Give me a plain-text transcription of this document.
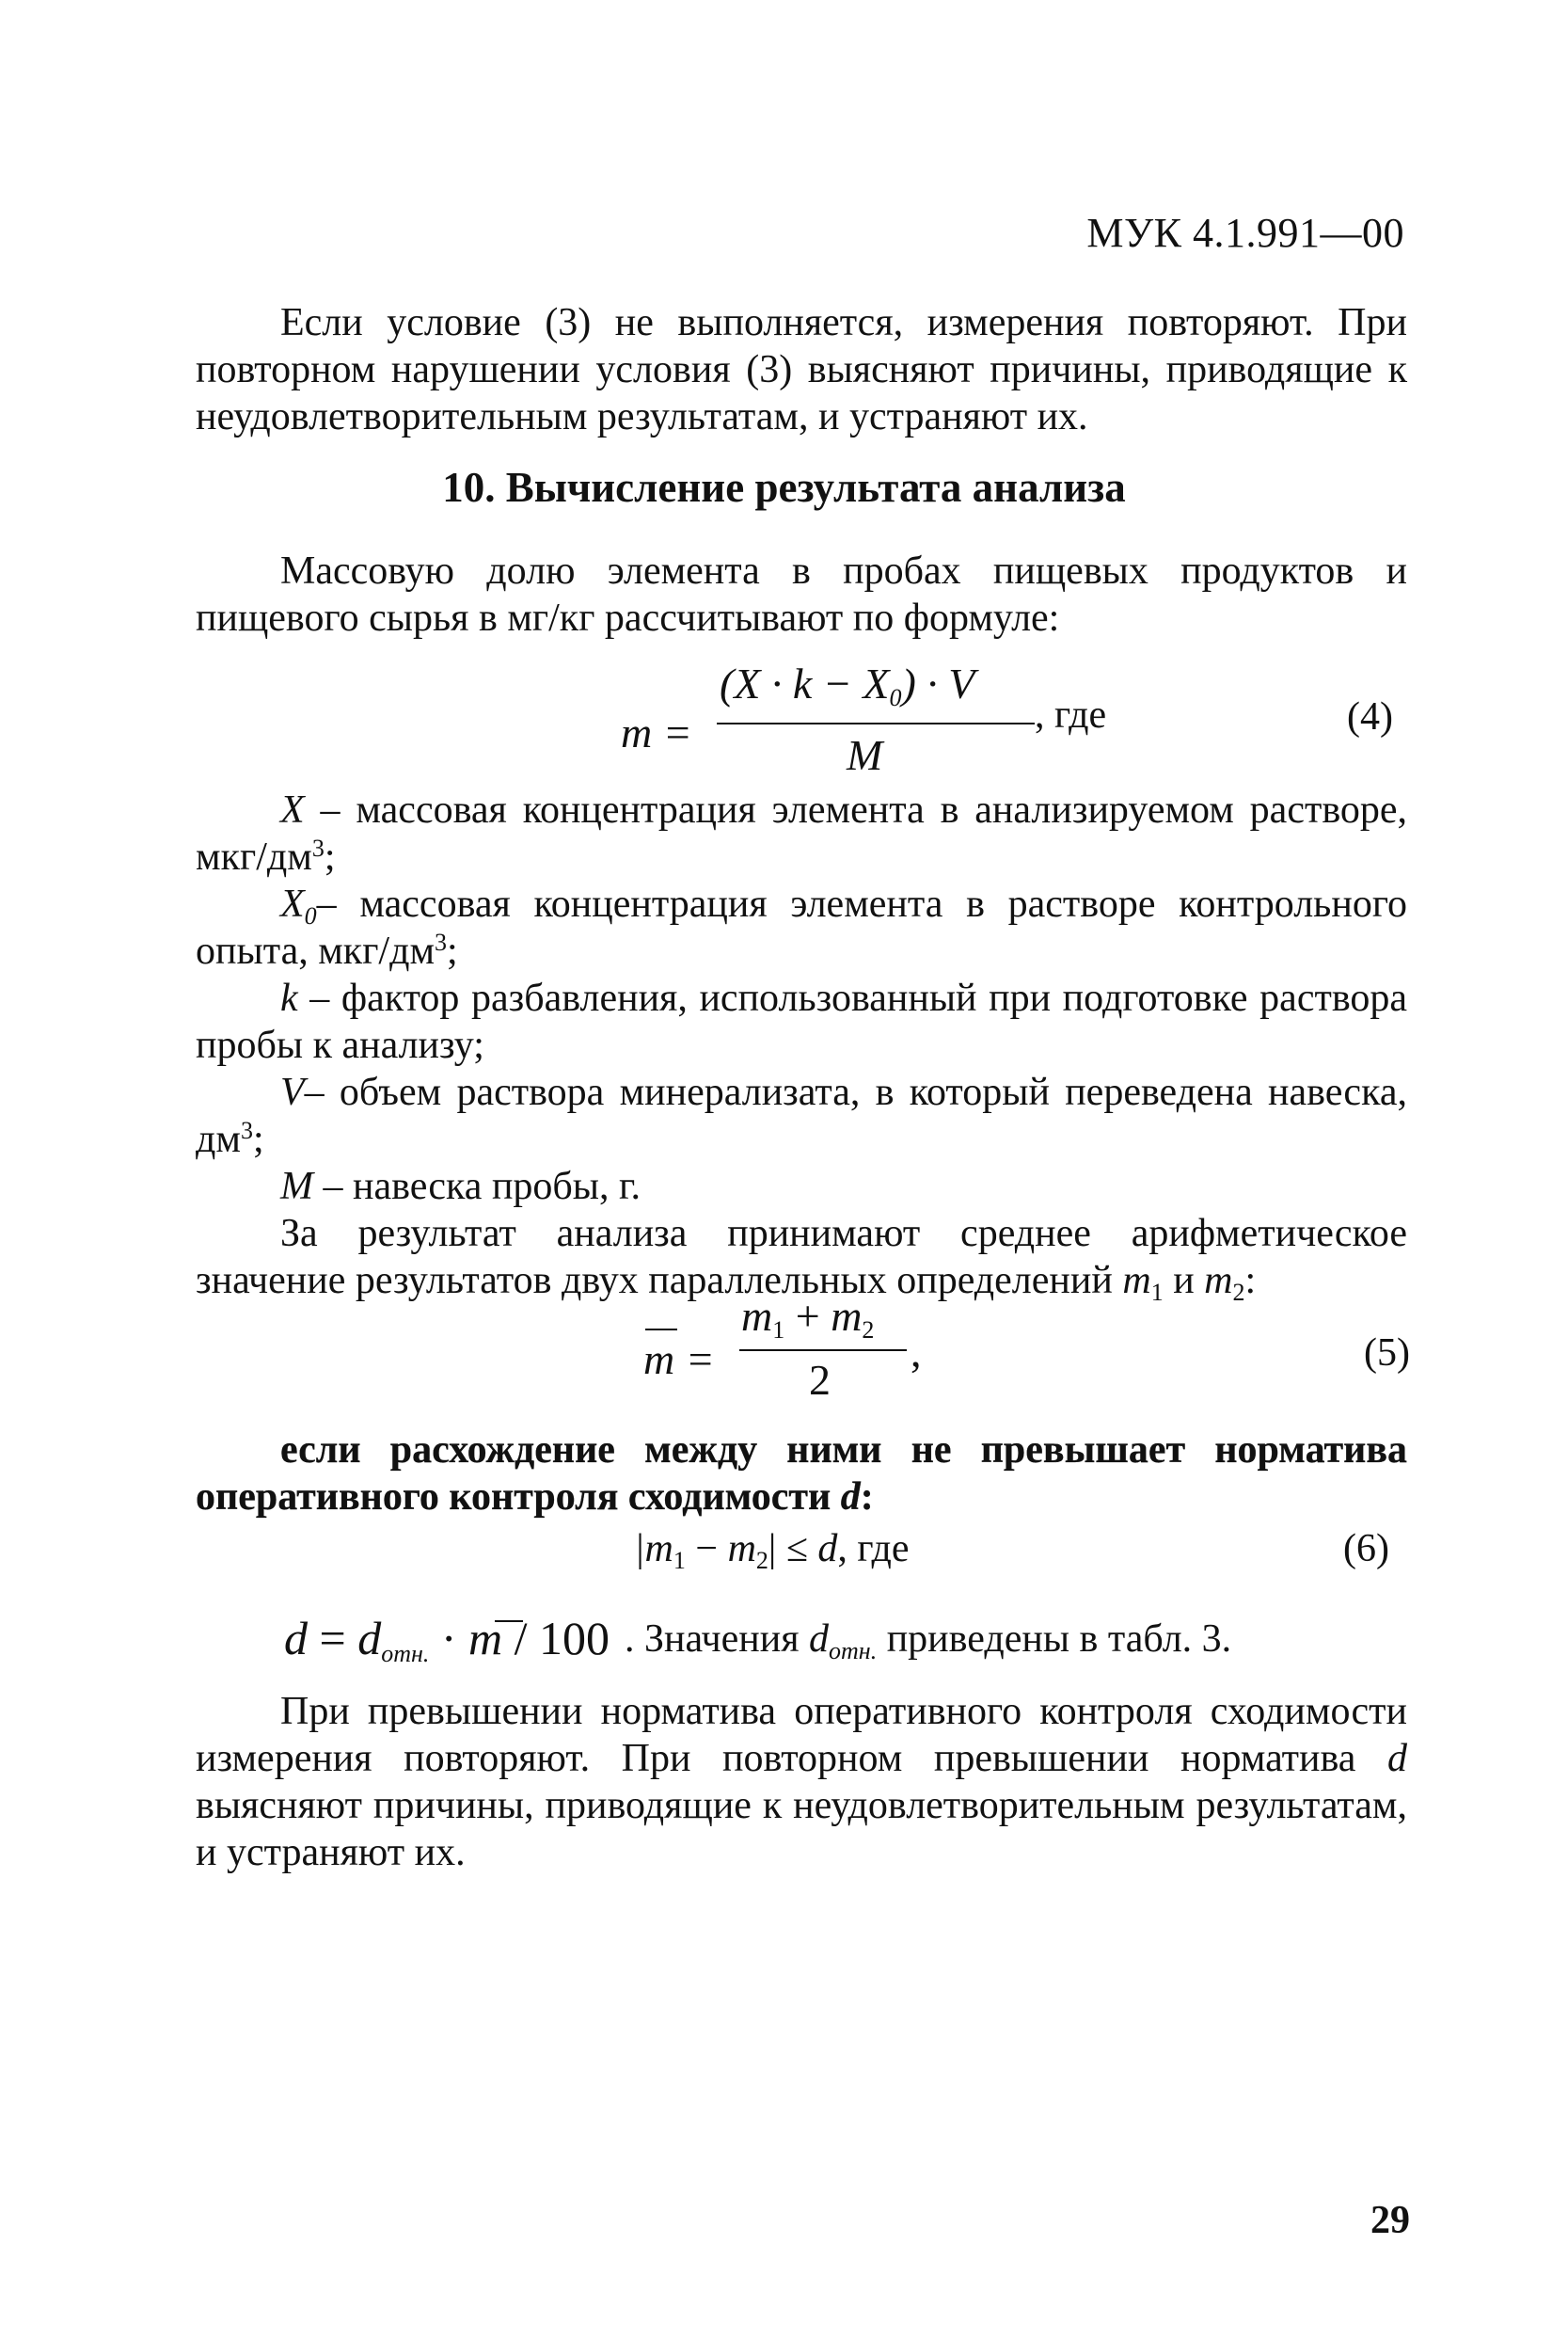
МУК 4.1.991—00
Если условие (3) не выполняется, измерения повторяют. При повторном нарушении условия (3) выясняют причины, приводящие к неудовлетворительным результатам, и устраняют их.
10. Вычисление результата анализа
Массовую долю элемента в пробах пищевых продуктов и пищевого сырья в мг/кг рассчитывают по формуле:
m =
$(X \cdot k - X_0) \cdot V$
M
, где	(4)
X – массовая концентрация элемента в анализируемом растворе, мкг/$дм^3$;
$X_0-$ массовая концентрация элемента в растворе контрольного опыта, мкг/$дм^3$;
k – фактор разбавления, использованный при подготовке раствора пробы к анализу;
V– объем раствора минерализата, в который переведена навеска, $дм^3$;
M – навеска пробы, г.
За результат анализа принимают среднее арифметическое значение результатов двух параллельных определений $m_1$ и $m_2$:
m =
$m_1 + m_2$
2
,	(5)
если расхождение между ними не превышает норматива оперативного контроля сходимости d:
$|m_1 - m_2| \le d$, где	(6)
$d = d_{отн.} \cdot m / 100$ . Значения $d_{отн.}$ приведены в табл. 3.
При превышении норматива оперативного контроля сходимости измерения повторяют. При повторном превышении норматива d выясняют причины, приводящие к неудовлетворительным результатам, и устраняют их.
29
